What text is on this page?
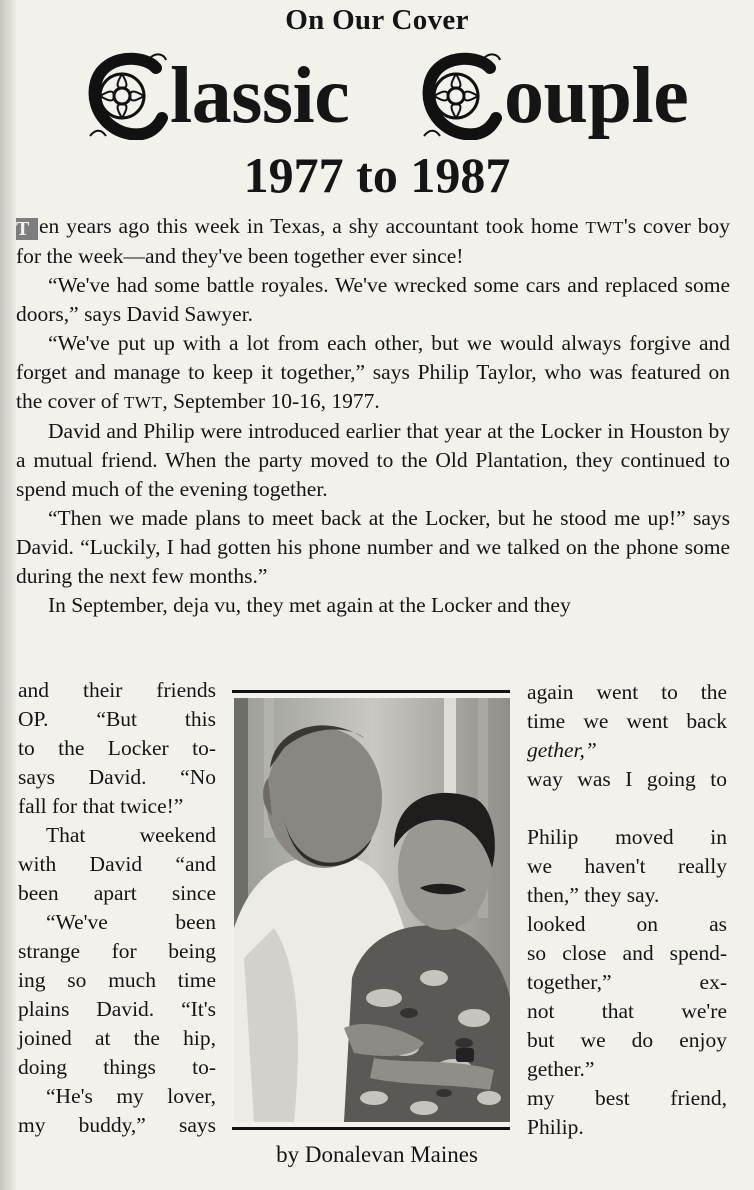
On Our Cover
C lassic	C ouple
1977 to 1987

T en years ago this week in Texas, a shy accountant took home TWT's cover boy for the week—and they've been together ever since!

“We've had some battle royales. We've wrecked some cars and replaced some doors,” says David Sawyer.

“We've put up with a lot from each other, but we would always forgive and forget and manage to keep it together,” says Philip Taylor, who was featured on the cover of TWT, September 10-16, 1977.

David and Philip were introduced earlier that year at the Locker in Houston by a mutual friend. When the party moved to the Old Plantation, they continued to spend much of the evening together.

“Then we made plans to meet back at the Locker, but he stood me up!” says David. “Luckily, I had gotten his phone number and we talked on the phone some during the next few months.”

In September, deja vu, they met again at the Locker and they

and their friends
OP. “But this
to the Locker to-
says David. “No
fall for that twice!”
That weekend
with David “and
been apart since
“We've been
strange for being
ing so much time
plains David. “It's
joined at the hip,
doing things to-
“He's my lover,
my buddy,” says
again went to the
time we went back
gether,”
way was I going to

Philip moved in
we haven't really
then,” they say.
looked on as
so close and spend-
together,” ex-
not that we're
but we do enjoy
gether.”
my best friend,
Philip.
by Donalevan Maines
